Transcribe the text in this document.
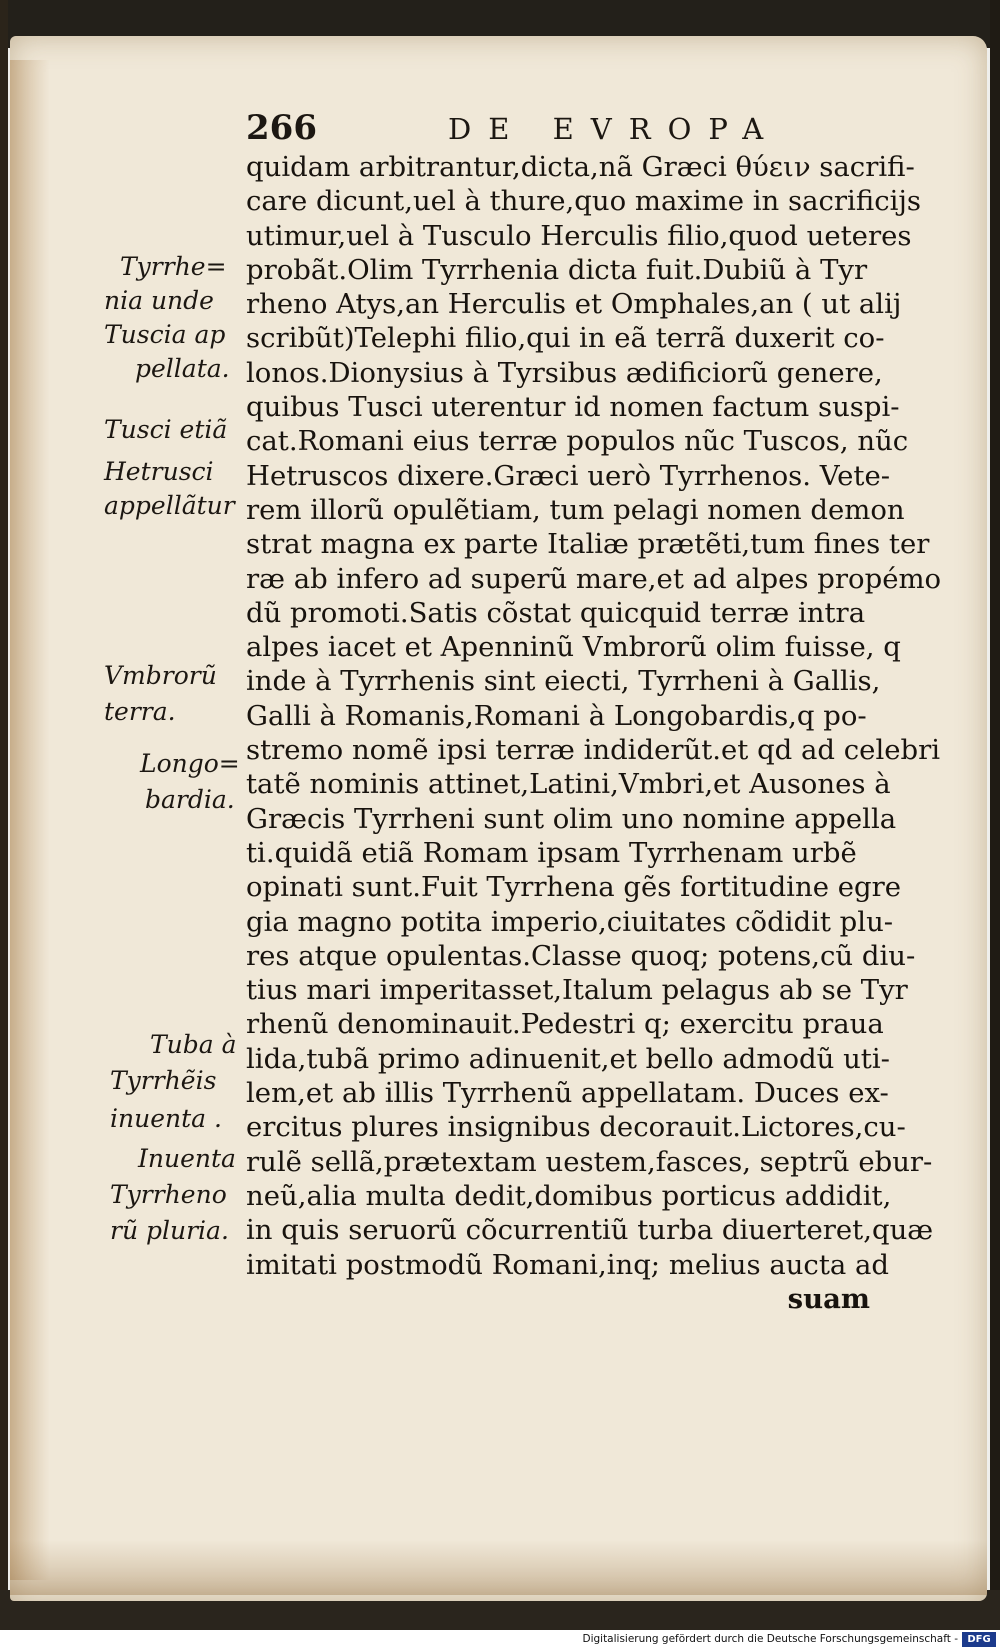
266	DE EVROPA
quidam arbitrantur,dicta,nã Græci θύειν sacrifi-
care dicunt,uel à thure,quo maxime in sacrificijs
utimur,uel à Tusculo Herculis filio,quod ueteres
probãt.Olim Tyrrhenia dicta fuit.Dubiũ à Tyr
rheno Atys,an Herculis et Omphales,an ( ut alij
scribũt)Telephi filio,qui in eã terrã duxerit co-
lonos.Dionysius à Tyrsibus ædificiorũ genere,
quibus Tusci uterentur id nomen factum suspi-
cat.Romani eius terræ populos nũc Tuscos, nũc
Hetruscos dixere.Græci uerò Tyrrhenos. Vete-
rem illorũ opulẽtiam, tum pelagi nomen demon
strat magna ex parte Italiæ prætẽti,tum fines ter
ræ ab infero ad superũ mare,et ad alpes propémo
dũ promoti.Satis cõstat quicquid terræ intra
alpes iacet et Apenninũ Vmbrorũ olim fuisse, q
inde à Tyrrhenis sint eiecti, Tyrrheni à Gallis,
Galli à Romanis,Romani à Longobardis,q po-
stremo nomẽ ipsi terræ indiderũt.et qd ad celebri
tatẽ nominis attinet,Latini,Vmbri,et Ausones à
Græcis Tyrrheni sunt olim uno nomine appella
ti.quidã etiã Romam ipsam Tyrrhenam urbẽ
opinati sunt.Fuit Tyrrhena gẽs fortitudine egre
gia magno potita imperio,ciuitates cõdidit plu-
res atque opulentas.Classe quoq; potens,cũ diu-
tius mari imperitasset,Italum pelagus ab se Tyr
rhenũ denominauit.Pedestri q; exercitu praua
lida,tubã primo adinuenit,et bello admodũ uti-
lem,et ab illis Tyrrhenũ appellatam. Duces ex-
ercitus plures insignibus decorauit.Lictores,cu-
rulẽ sellã,prætextam uestem,fasces, septrũ ebur-
neũ,alia multa dedit,domibus porticus addidit,
in quis seruorũ cõcurrentiũ turba diuerteret,quæ
imitati postmodũ Romani,inq; melius aucta ad
suam
Tyrrhe=
nia unde
Tuscia ap
pellata.
Tusci etiã
Hetrusci
appellãtur
Vmbrorũ
terra.
Longo=
bardia.
Tuba à
Tyrrhẽis
inuenta .
Inuenta
Tyrrheno
rũ pluria.
Digitalisierung gefördert durch die Deutsche Forschungsgemeinschaft - DFG
